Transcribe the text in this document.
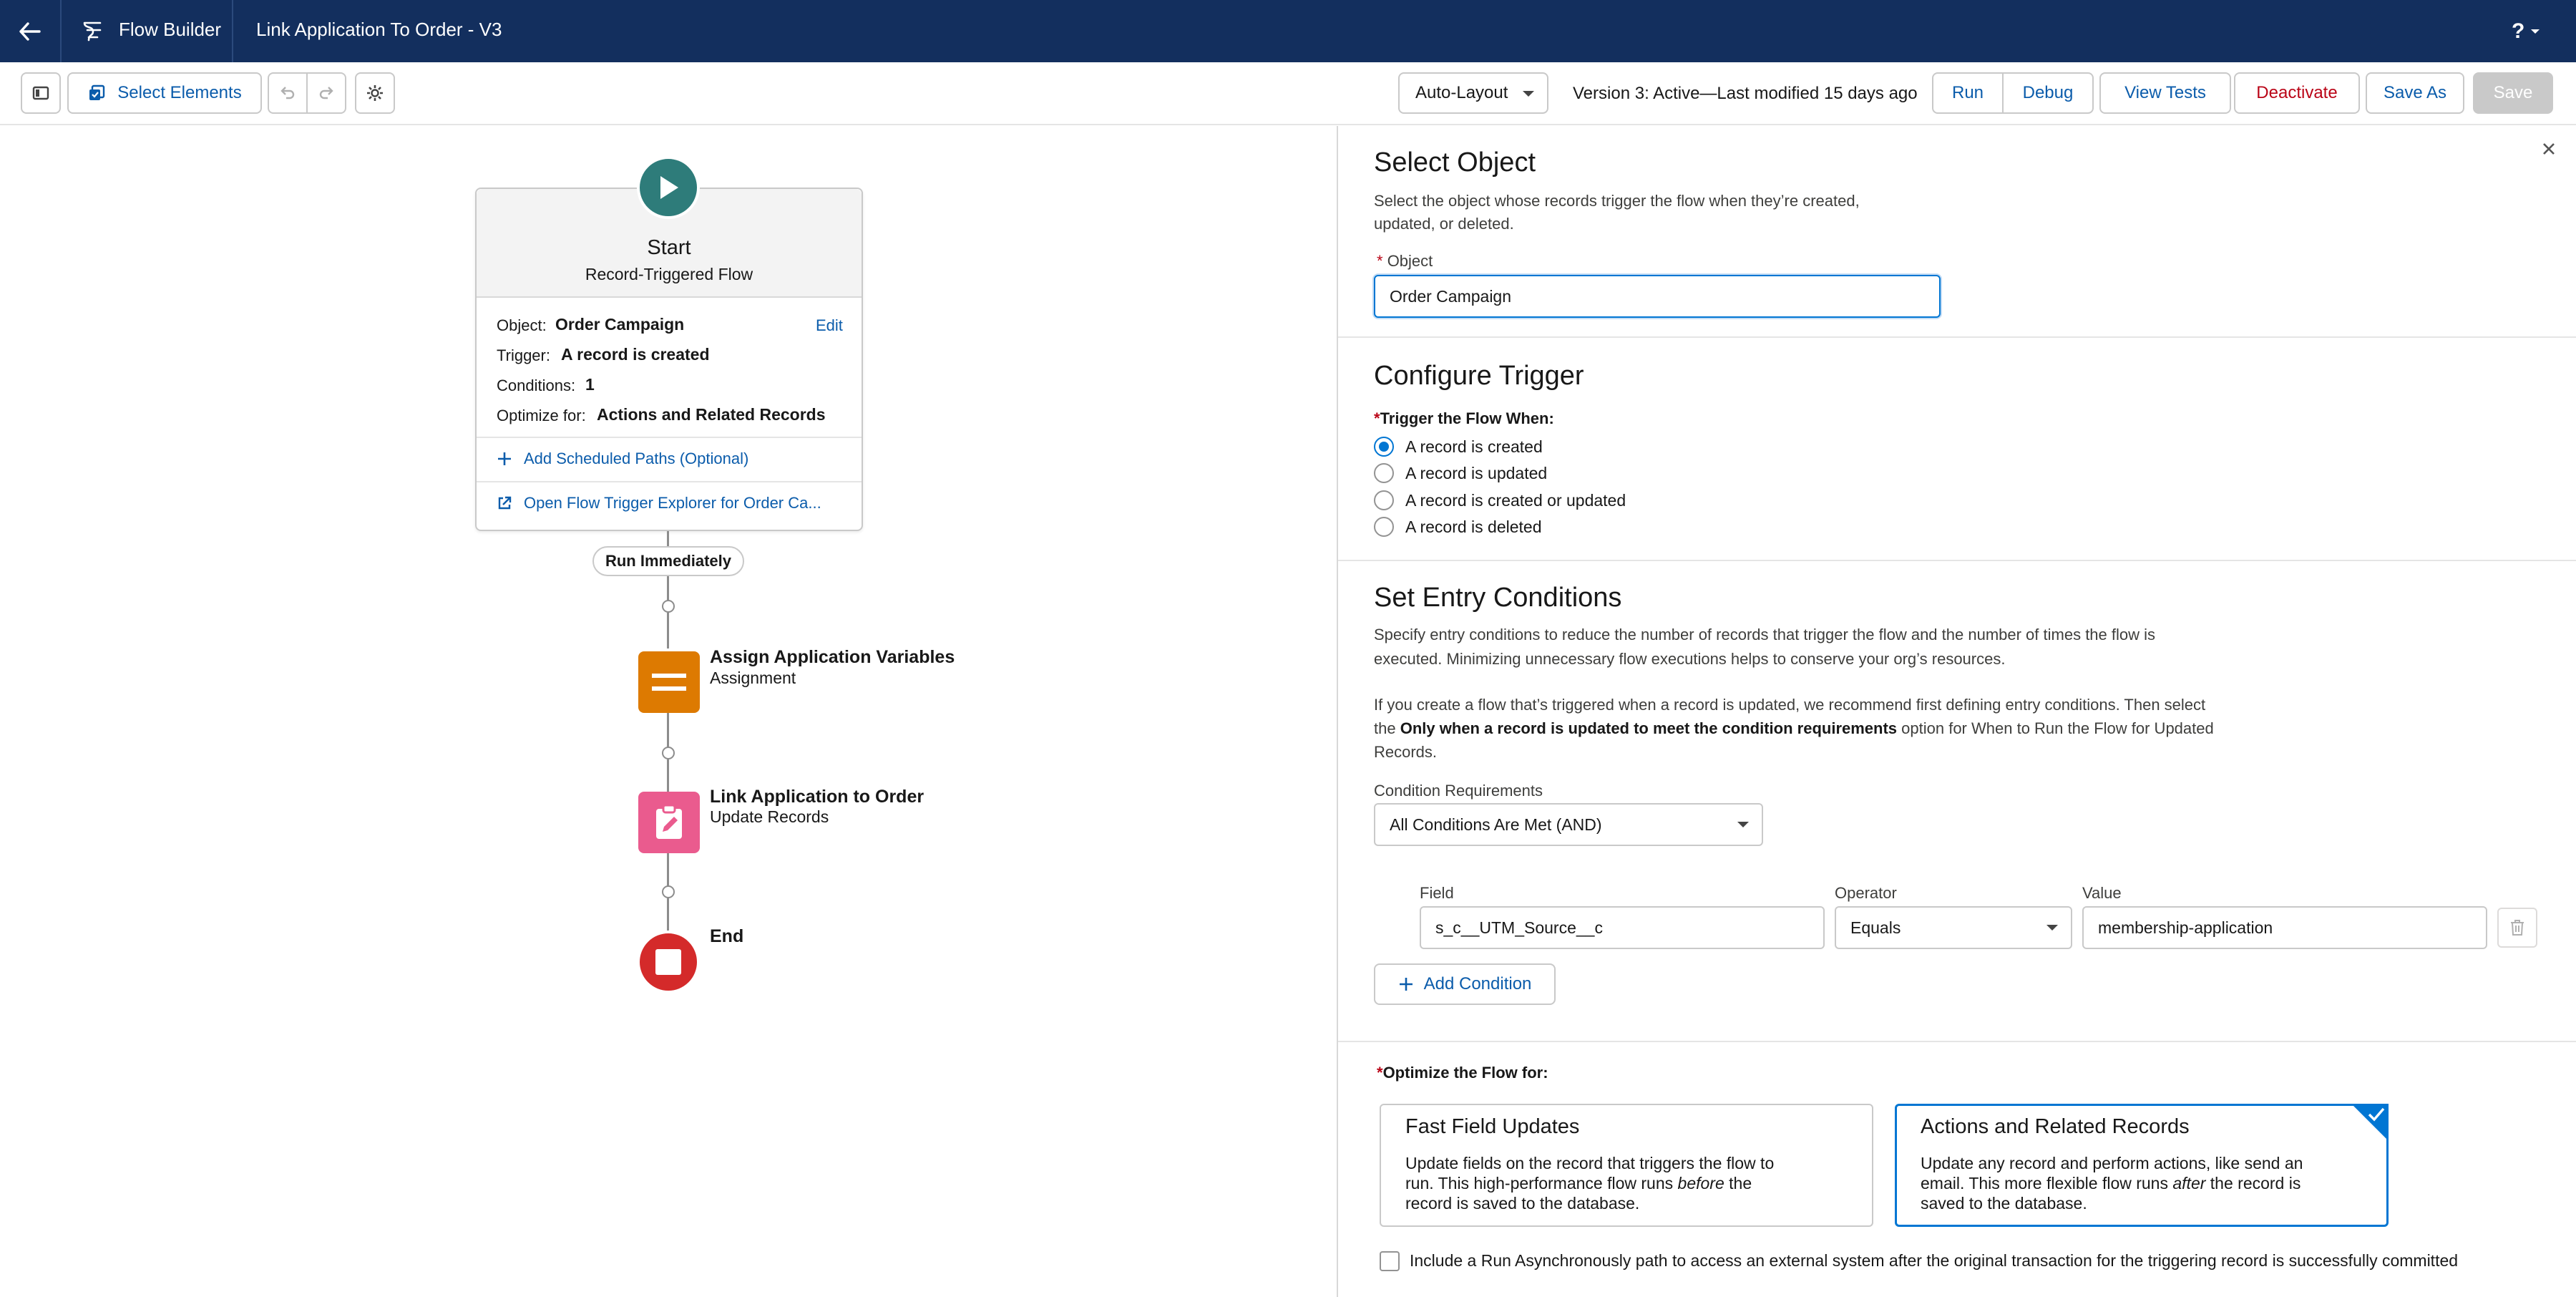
Flow Builder Link Application To Order - V3	?
Select Elements	Auto-Layout	Version 3: Active—Last modified 15 days ago Run Debug	View Tests	Deactivate	Save As	Save
Start
Record-Triggered Flow
Object: Order Campaign	Edit
Trigger: A record is created
Conditions: 1
Optimize for: Actions and Related Records
Add Scheduled Paths (Optional)
Open Flow Trigger Explorer for Order Ca...
Run Immediately
Assign Application Variables
Assignment
Link Application to Order
Update Records
End
Select Object
Select the object whose records trigger the flow when they’re created,
updated, or deleted.
* Object
Order Campaign
Configure Trigger
*Trigger the Flow When:
A record is created
A record is updated
A record is created or updated
A record is deleted
Set Entry Conditions
Specify entry conditions to reduce the number of records that trigger the flow and the number of times the flow is
executed. Minimizing unnecessary flow executions helps to conserve your org’s resources.
If you create a flow that’s triggered when a record is updated, we recommend first defining entry conditions. Then select
the Only when a record is updated to meet the condition requirements option for When to Run the Flow for Updated
Records.
Condition Requirements
All Conditions Are Met (AND)
Field	Operator	Value
s_c__UTM_Source__c	Equals	membership-application
Add Condition
*Optimize the Flow for:
Fast Field Updates
Update fields on the record that triggers the flow to
run. This high-performance flow runs before the
record is saved to the database.
Actions and Related Records
Update any record and perform actions, like send an
email. This more flexible flow runs after the record is
saved to the database.
Include a Run Asynchronously path to access an external system after the original transaction for the triggering record is successfully committed
